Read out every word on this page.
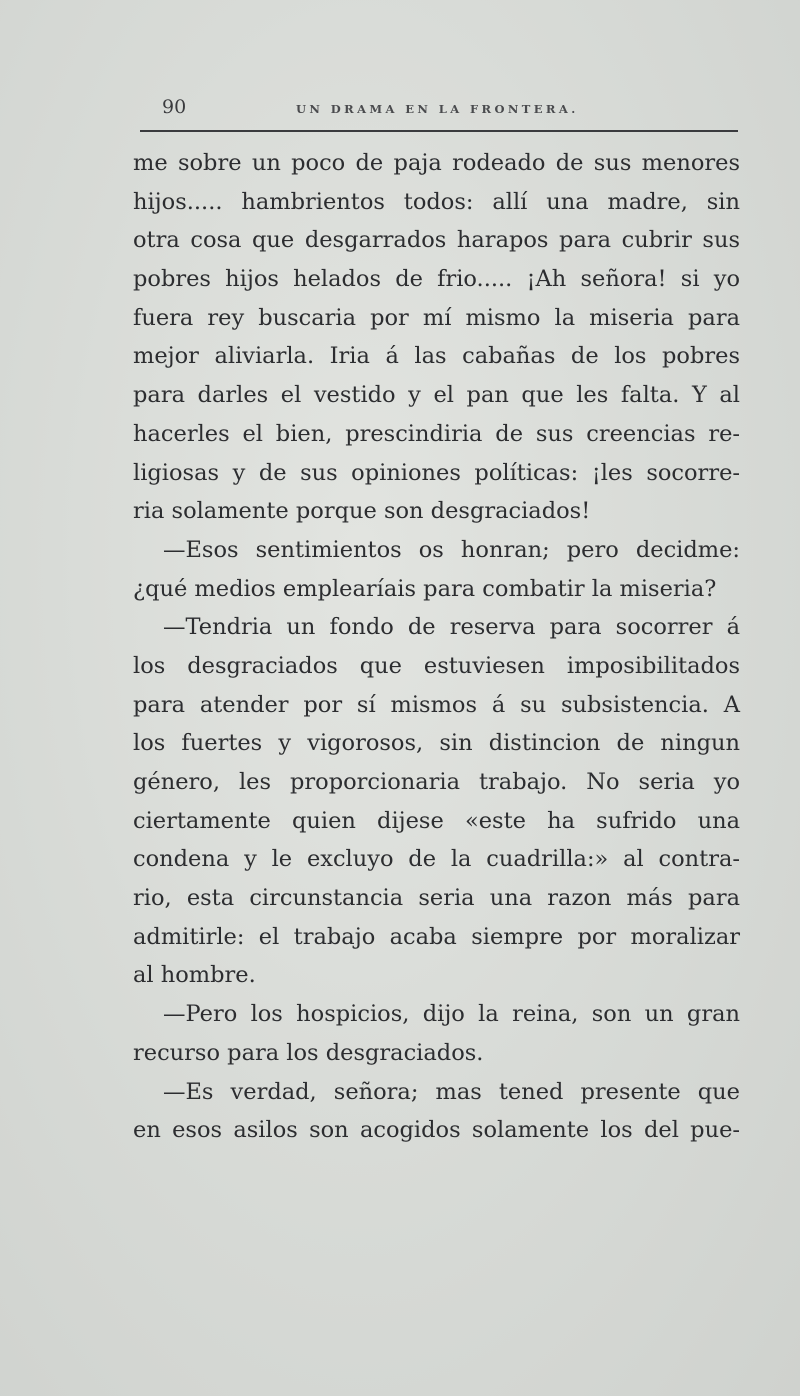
90	UN DRAMA EN LA FRONTERA.
me sobre un poco de paja rodeado de sus menores
hijos..... hambrientos todos: allí una madre, sin
otra cosa que desgarrados harapos para cubrir sus
pobres hijos helados de frio..... ¡Ah señora! si yo
fuera rey buscaria por mí mismo la miseria para
mejor aliviarla. Iria á las cabañas de los pobres
para darles el vestido y el pan que les falta. Y al
hacerles el bien, prescindiria de sus creencias re-
ligiosas y de sus opiniones políticas: ¡les socorre-
ria solamente porque son desgraciados!
—Esos sentimientos os honran; pero decidme:
¿qué medios emplearíais para combatir la miseria?
—Tendria un fondo de reserva para socorrer á
los desgraciados que estuviesen imposibilitados
para atender por sí mismos á su subsistencia. A
los fuertes y vigorosos, sin distincion de ningun
género, les proporcionaria trabajo. No seria yo
ciertamente quien dijese «este ha sufrido una
condena y le excluyo de la cuadrilla:» al contra-
rio, esta circunstancia seria una razon más para
admitirle: el trabajo acaba siempre por moralizar
al hombre.
—Pero los hospicios, dijo la reina, son un gran
recurso para los desgraciados.
—Es verdad, señora; mas tened presente que
en esos asilos son acogidos solamente los del pue-
